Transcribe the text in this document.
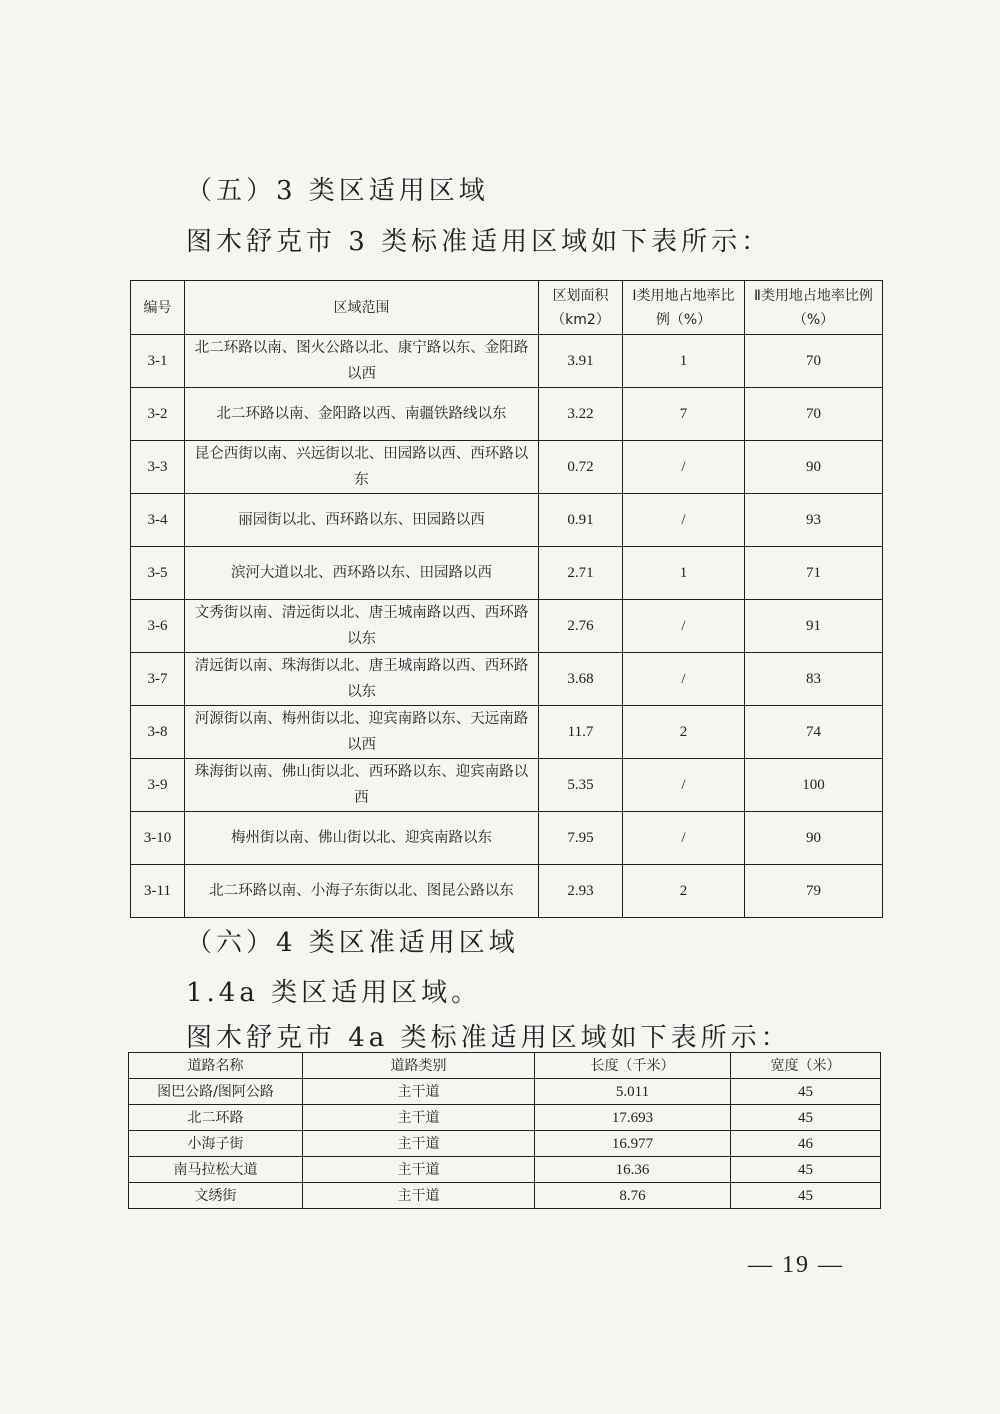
（五）3 类区适用区域
图木舒克市 3 类标准适用区域如下表所示：
编号	区域范围	区划面积（km2）	Ⅰ类用地占地率比例（%）	Ⅱ类用地占地率比例（%）
3-1	北二环路以南、图火公路以北、康宁路以东、金阳路以西	3.91	1	70
3-2	北二环路以南、金阳路以西、南疆铁路线以东	3.22	7	70
3-3	昆仑西街以南、兴远街以北、田园路以西、西环路以东	0.72	/	90
3-4	丽园街以北、西环路以东、田园路以西	0.91	/	93
3-5	滨河大道以北、西环路以东、田园路以西	2.71	1	71
3-6	文秀街以南、清远街以北、唐王城南路以西、西环路以东	2.76	/	91
3-7	清远街以南、珠海街以北、唐王城南路以西、西环路以东	3.68	/	83
3-8	河源街以南、梅州街以北、迎宾南路以东、天远南路以西	11.7	2	74
3-9	珠海街以南、佛山街以北、西环路以东、迎宾南路以西	5.35	/	100
3-10	梅州街以南、佛山街以北、迎宾南路以东	7.95	/	90
3-11	北二环路以南、小海子东街以北、图昆公路以东	2.93	2	79
（六）4 类区准适用区域
1.4a 类区适用区域。
图木舒克市 4a 类标准适用区域如下表所示：
道路名称	道路类别	长度（千米）	宽度（米）
图巴公路/图阿公路	主干道	5.011	45
北二环路	主干道	17.693	45
小海子街	主干道	16.977	46
南马拉松大道	主干道	16.36	45
文绣街	主干道	8.76	45
— 19 —
